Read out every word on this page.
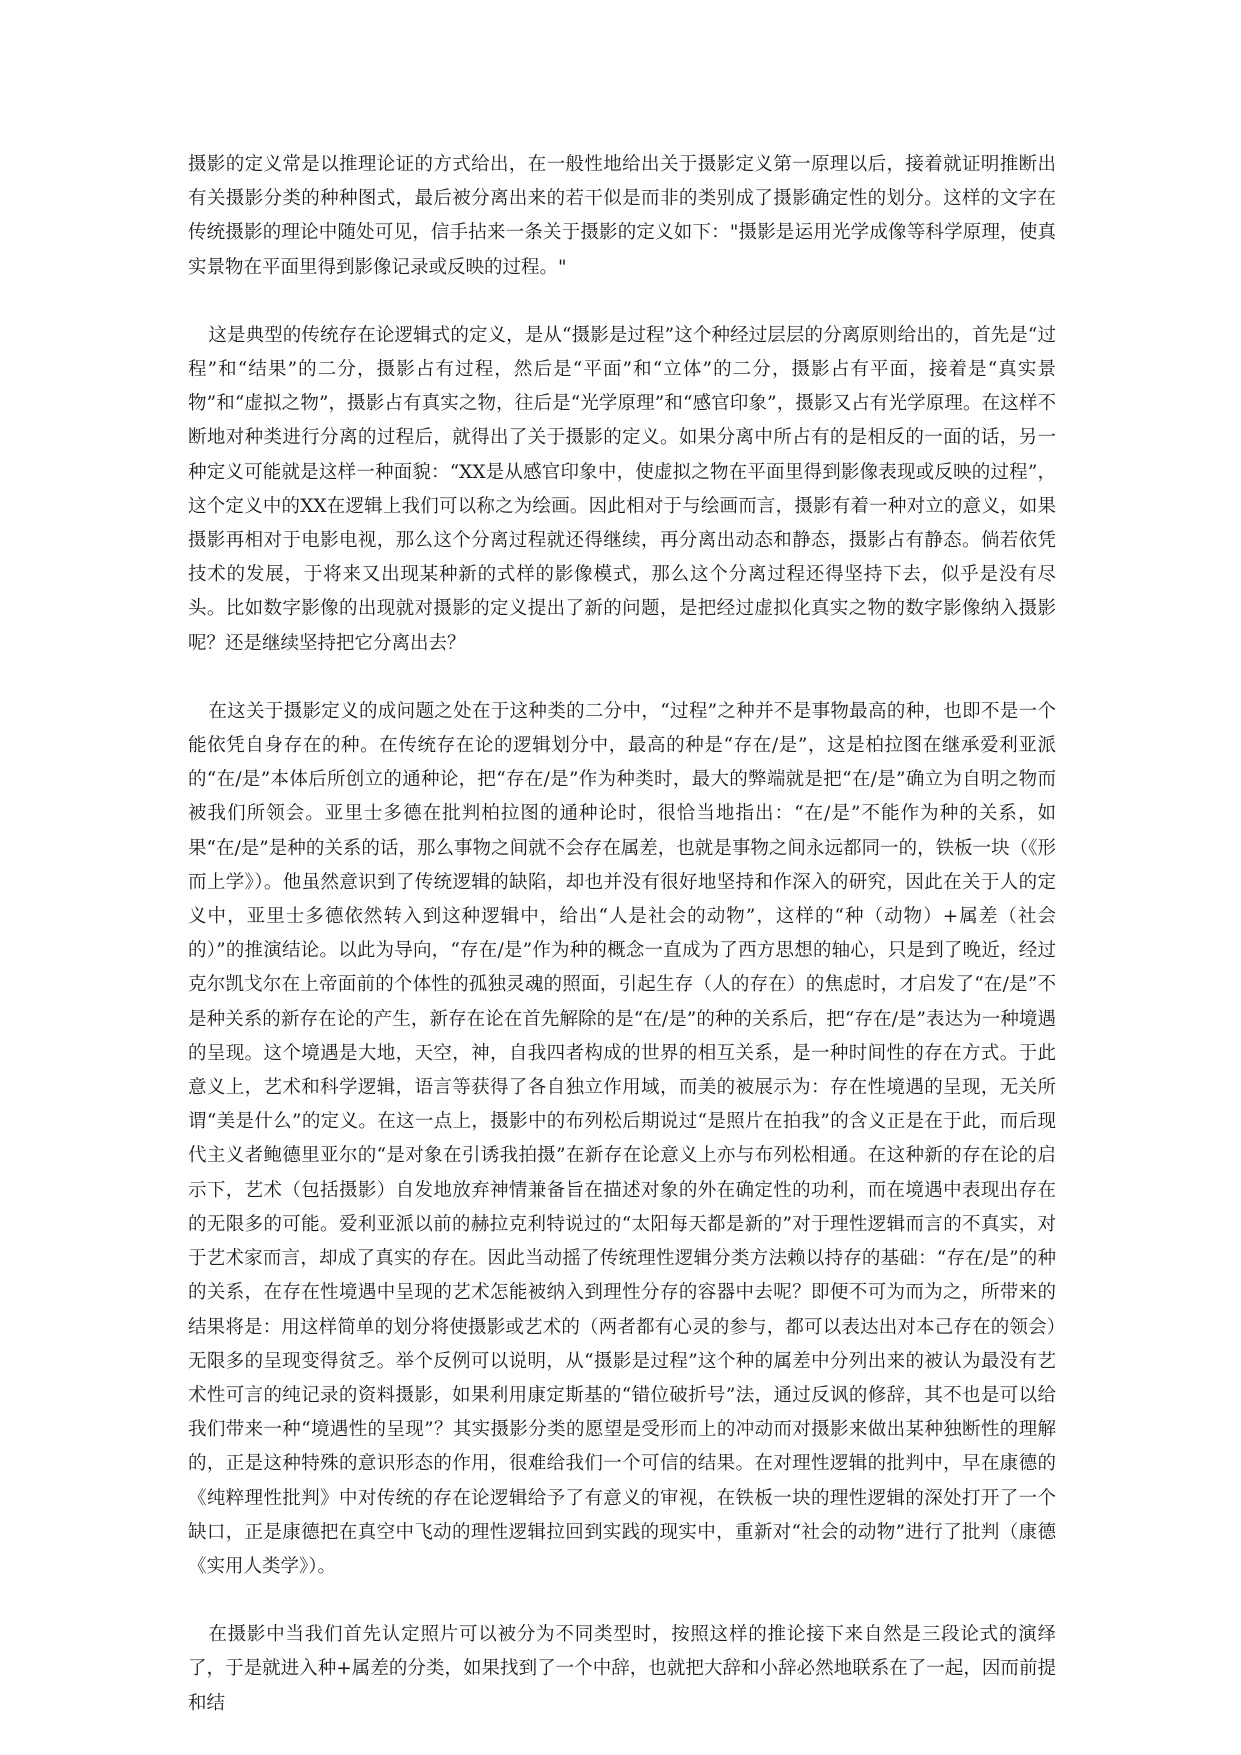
摄影的定义常是以推理论证的方式给出，在一般性地给出关于摄影定义第一原理以后，接着就证明推断出有关摄影分类的种种图式，最后被分离出来的若干似是而非的类别成了摄影确定性的划分。这样的文字在传统摄影的理论中随处可见，信手拈来一条关于摄影的定义如下："摄影是运用光学成像等科学原理，使真实景物在平面里得到影像记录或反映的过程。"

这是典型的传统存在论逻辑式的定义，是从“摄影是过程”这个种经过层层的分离原则给出的，首先是“过程”和“结果”的二分，摄影占有过程，然后是“平面”和“立体”的二分，摄影占有平面，接着是“真实景物”和“虚拟之物”，摄影占有真实之物，往后是“光学原理”和“感官印象”，摄影又占有光学原理。在这样不断地对种类进行分离的过程后，就得出了关于摄影的定义。如果分离中所占有的是相反的一面的话，另一种定义可能就是这样一种面貌：“XX是从感官印象中，使虚拟之物在平面里得到影像表现或反映的过程”，这个定义中的XX在逻辑上我们可以称之为绘画。因此相对于与绘画而言，摄影有着一种对立的意义，如果摄影再相对于电影电视，那么这个分离过程就还得继续，再分离出动态和静态，摄影占有静态。倘若依凭技术的发展，于将来又出现某种新的式样的影像模式，那么这个分离过程还得坚持下去，似乎是没有尽头。比如数字影像的出现就对摄影的定义提出了新的问题，是把经过虚拟化真实之物的数字影像纳入摄影呢？还是继续坚持把它分离出去？

在这关于摄影定义的成问题之处在于这种类的二分中，“过程”之种并不是事物最高的种，也即不是一个能依凭自身存在的种。在传统存在论的逻辑划分中，最高的种是“存在/是”，这是柏拉图在继承爱利亚派的“在/是”本体后所创立的通种论，把“存在/是”作为种类时，最大的弊端就是把“在/是”确立为自明之物而被我们所领会。亚里士多德在批判柏拉图的通种论时，很恰当地指出：“在/是”不能作为种的关系，如果“在/是”是种的关系的话，那么事物之间就不会存在属差，也就是事物之间永远都同一的，铁板一块（《形而上学》）。他虽然意识到了传统逻辑的缺陷，却也并没有很好地坚持和作深入的研究，因此在关于人的定义中，亚里士多德依然转入到这种逻辑中，给出“人是社会的动物”，这样的“种（动物）+属差（社会的）”的推演结论。以此为导向，“存在/是”作为种的概念一直成为了西方思想的轴心，只是到了晚近，经过克尔凯戈尔在上帝面前的个体性的孤独灵魂的照面，引起生存（人的存在）的焦虑时，才启发了“在/是”不是种关系的新存在论的产生，新存在论在首先解除的是“在/是”的种的关系后，把“存在/是”表达为一种境遇的呈现。这个境遇是大地，天空，神，自我四者构成的世界的相互关系，是一种时间性的存在方式。于此意义上，艺术和科学逻辑，语言等获得了各自独立作用域，而美的被展示为：存在性境遇的呈现，无关所谓“美是什么”的定义。在这一点上，摄影中的布列松后期说过“是照片在拍我”的含义正是在于此，而后现代主义者鲍德里亚尔的“是对象在引诱我拍摄”在新存在论意义上亦与布列松相通。在这种新的存在论的启示下，艺术（包括摄影）自发地放弃神情兼备旨在描述对象的外在确定性的功利，而在境遇中表现出存在的无限多的可能。爱利亚派以前的赫拉克利特说过的“太阳每天都是新的”对于理性逻辑而言的不真实，对于艺术家而言，却成了真实的存在。因此当动摇了传统理性逻辑分类方法赖以持存的基础：“存在/是”的种的关系，在存在性境遇中呈现的艺术怎能被纳入到理性分存的容器中去呢？即便不可为而为之，所带来的结果将是：用这样简单的划分将使摄影或艺术的（两者都有心灵的参与，都可以表达出对本己存在的领会）无限多的呈现变得贫乏。举个反例可以说明，从“摄影是过程”这个种的属差中分列出来的被认为最没有艺术性可言的纯记录的资料摄影，如果利用康定斯基的“错位破折号”法，通过反讽的修辞，其不也是可以给我们带来一种“境遇性的呈现”？其实摄影分类的愿望是受形而上的冲动而对摄影来做出某种独断性的理解的，正是这种特殊的意识形态的作用，很难给我们一个可信的结果。在对理性逻辑的批判中，早在康德的《纯粹理性批判》中对传统的存在论逻辑给予了有意义的审视，在铁板一块的理性逻辑的深处打开了一个缺口，正是康德把在真空中飞动的理性逻辑拉回到实践的现实中，重新对“社会的动物”进行了批判（康德《实用人类学》）。

在摄影中当我们首先认定照片可以被分为不同类型时，按照这样的推论接下来自然是三段论式的演绎了，于是就进入种+属差的分类，如果找到了一个中辞，也就把大辞和小辞必然地联系在了一起，因而前提和结
